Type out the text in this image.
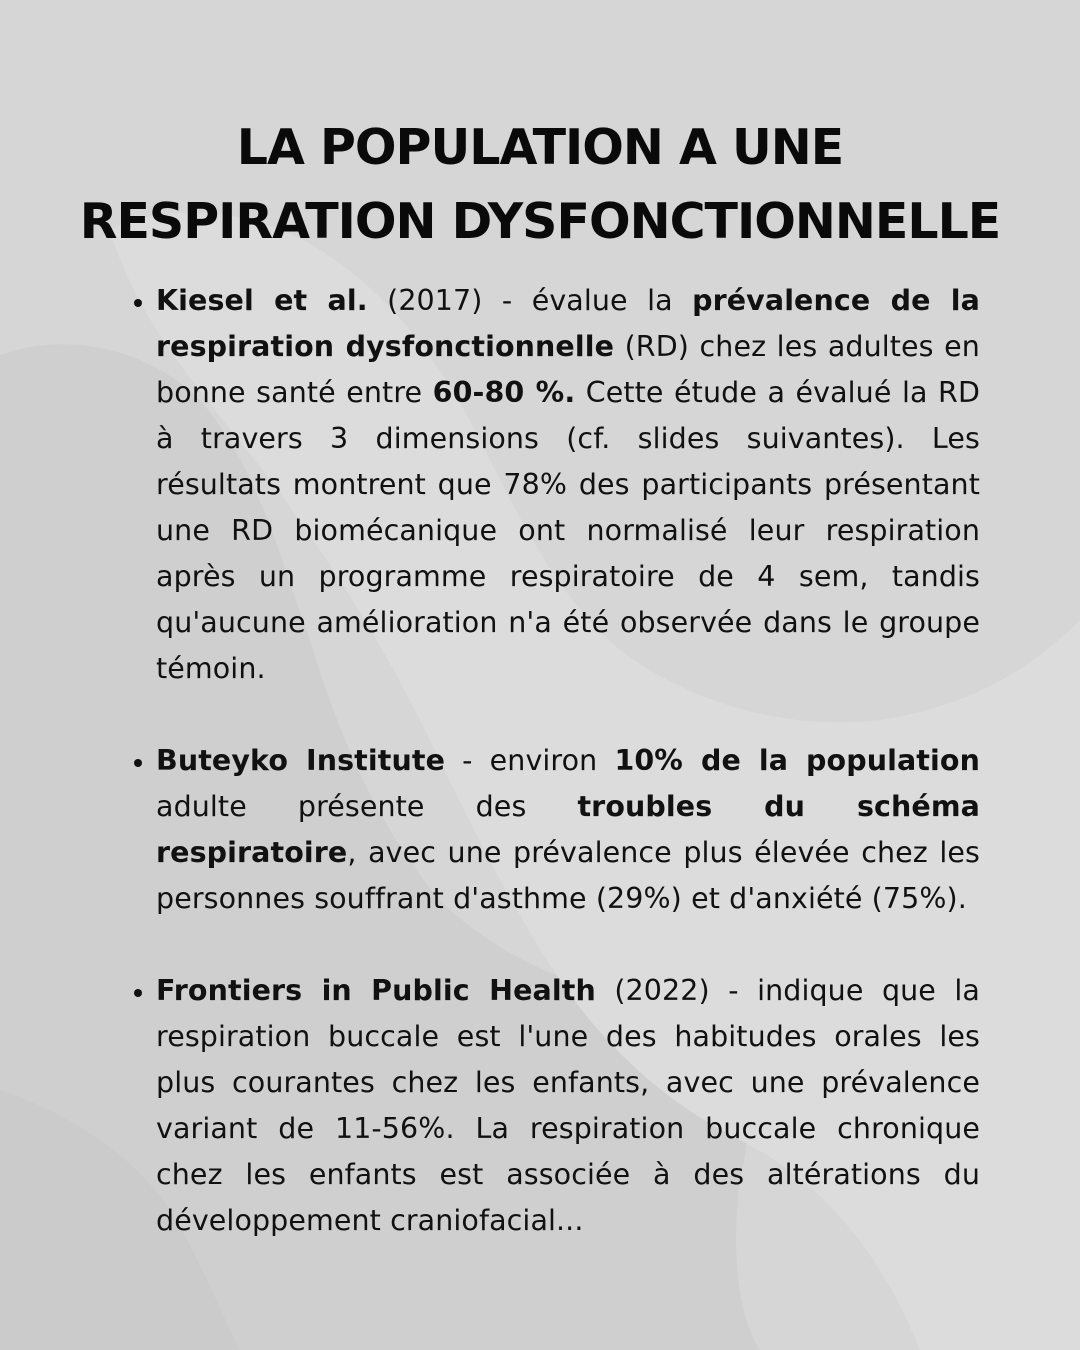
LA POPULATION A UNE
RESPIRATION DYSFONCTIONNELLE
Kiesel et al. (2017) - évalue la prévalence de la respiration dysfonctionnelle (RD) chez les adultes en bonne santé entre 60-80 %. Cette étude a évalué la RD à travers 3 dimensions (cf. slides suivantes). Les résultats montrent que 78% des participants présentant une RD biomécanique ont normalisé leur respiration après un programme respiratoire de 4 sem, tandis qu'aucune amélioration n'a été observée dans le groupe témoin.
Buteyko Institute - environ 10% de la population adulte présente des troubles du schéma respiratoire, avec une prévalence plus élevée chez les personnes souffrant d'asthme (29%) et d'anxiété (75%).
Frontiers in Public Health (2022) - indique que la respiration buccale est l'une des habitudes orales les plus courantes chez les enfants, avec une prévalence variant de 11-56%. La respiration buccale chronique chez les enfants est associée à des altérations du développement craniofacial...
